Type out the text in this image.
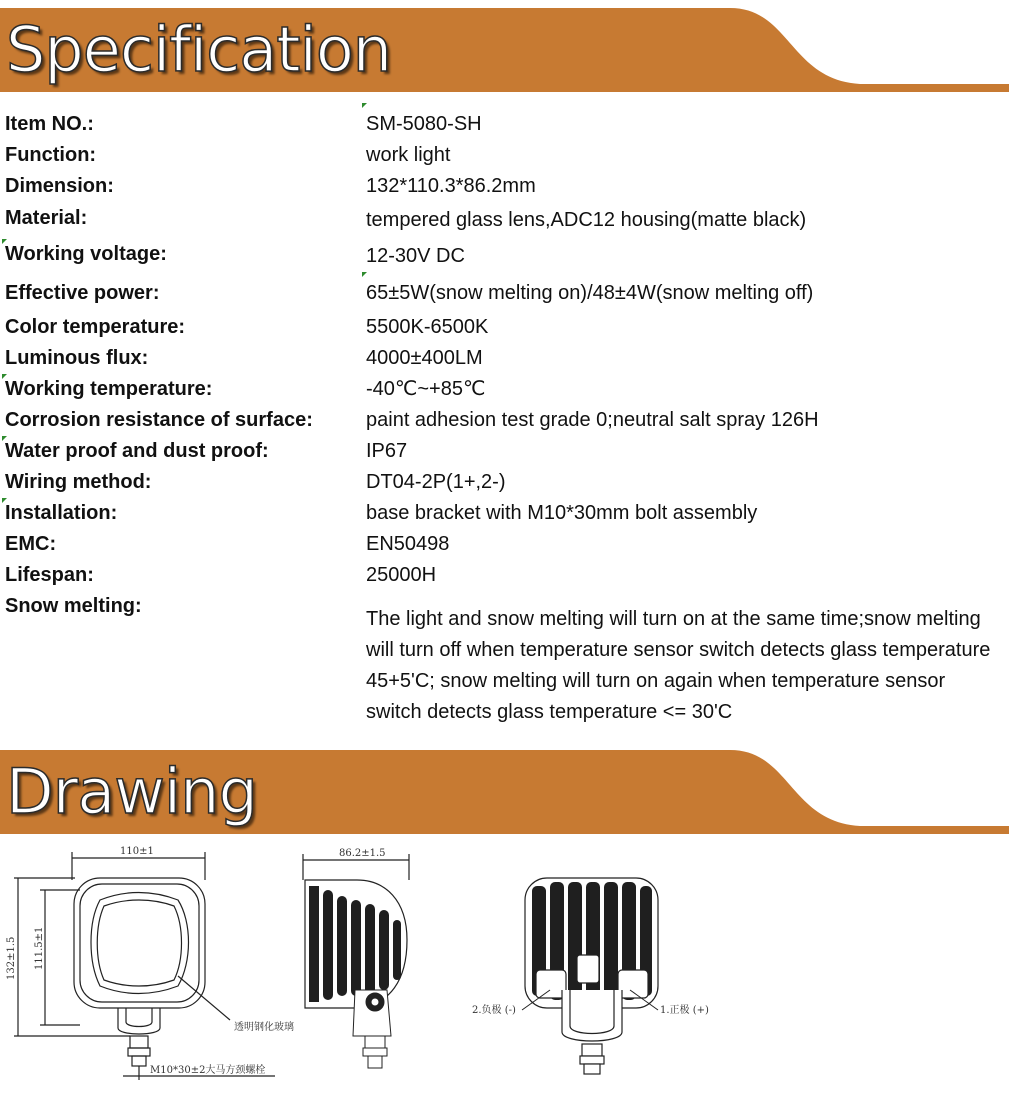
Specification
Item NO.:	SM-5080-SH
Function:	work light
Dimension:	132*110.3*86.2mm
Material:	tempered glass lens,ADC12 housing(matte black)
Working voltage:	12-30V DC
Effective power:	65±5W(snow melting on)/48±4W(snow melting off)
Color temperature:	5500K-6500K
Luminous flux:	4000±400LM
Working temperature:	-40℃~+85℃
Corrosion resistance of surface:	paint adhesion test grade 0;neutral salt spray 126H
Water proof and dust proof:	IP67
Wiring method:	DT04-2P(1+,2-)
Installation:	base bracket with M10*30mm bolt assembly
EMC:	EN50498
Lifespan:	25000H
Snow melting:
The light and snow melting will turn on at the same time;snow melting will turn off when temperature sensor switch detects glass temperature 45+5'C; snow melting will turn on again when temperature sensor switch detects glass temperature <= 30'C
Drawing
110±1
132±1.5 111.5±1
透明钢化玻璃
M10*30±2大马方颈螺栓
86.2±1.5
2.负极 (-)	1.正极 (+)
